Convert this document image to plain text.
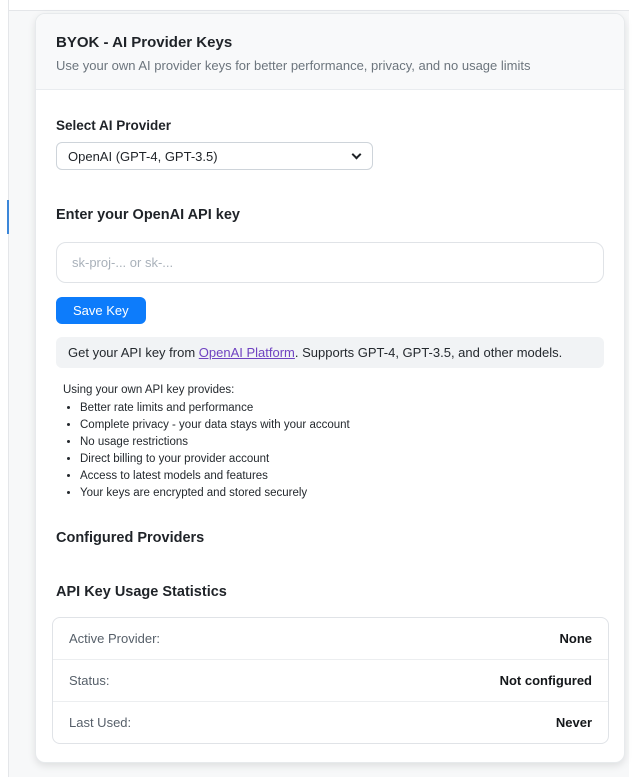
BYOK - AI Provider Keys
Use your own AI provider keys for better performance, privacy, and no usage limits
Select AI Provider
OpenAI (GPT-4, GPT-3.5)
Enter your OpenAI API key
sk-proj-... or sk-... Save Key
Get your API key from OpenAI Platform. Supports GPT-4, GPT-3.5, and other models.
Using your own API key provides:
• Better rate limits and performance
• Complete privacy - your data stays with your account
• No usage restrictions
• Direct billing to your provider account
• Access to latest models and features
• Your keys are encrypted and stored securely
Configured Providers
API Key Usage Statistics
Active Provider:	None
Status:	Not configured
Last Used:	Never
